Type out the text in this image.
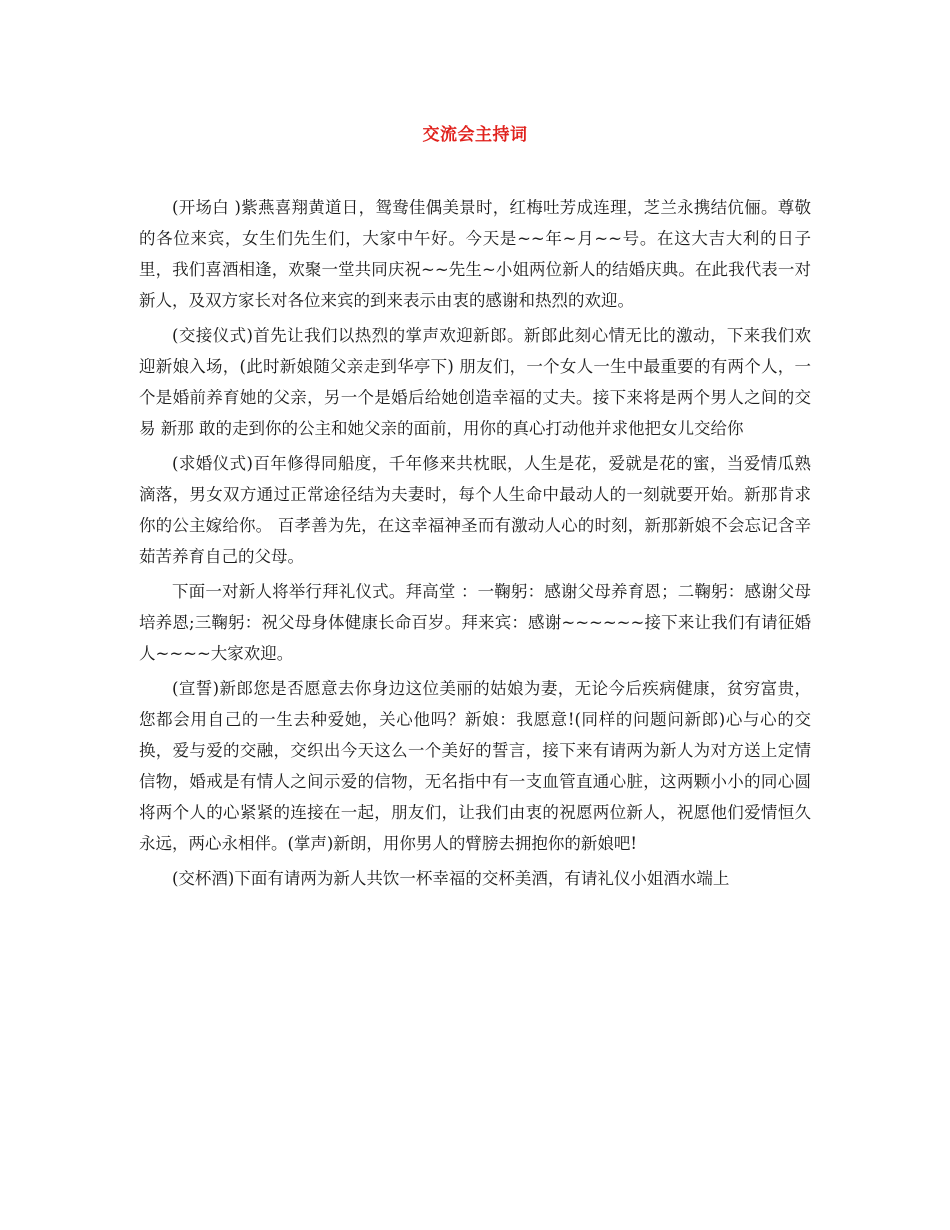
交流会主持词

(开场白 )紫燕喜翔黄道日，鸳鸯佳偶美景时，红梅吐芳成连理，芝兰永携结伉俪。尊敬的各位来宾，女生们先生们，大家中午好。今天是~~年~月~~号。在这大吉大利的日子里，我们喜酒相逢，欢聚一堂共同庆祝~~先生~小姐两位新人的结婚庆典。在此我代表一对新人，及双方家长对各位来宾的到来表示由衷的感谢和热烈的欢迎。

(交接仪式)首先让我们以热烈的掌声欢迎新郎。新郎此刻心情无比的激动，下来我们欢迎新娘入场，(此时新娘随父亲走到华亭下) 朋友们，一个女人一生中最重要的有两个人，一个是婚前养育她的父亲，另一个是婚后给她创造幸福的丈夫。接下来将是两个男人之间的交易 新那 敢的走到你的公主和她父亲的面前，用你的真心打动他并求他把女儿交给你

(求婚仪式)百年修得同船度，千年修来共枕眠，人生是花，爱就是花的蜜，当爱情瓜熟滴落，男女双方通过正常途径结为夫妻时，每个人生命中最动人的一刻就要开始。新那肯求你的公主嫁给你。 百孝善为先，在这幸福神圣而有激动人心的时刻，新那新娘不会忘记含辛茹苦养育自己的父母。

下面一对新人将举行拜礼仪式。拜高堂 ：一鞠躬：感谢父母养育恩；二鞠躬：感谢父母培养恩;三鞠躬：祝父母身体健康长命百岁。拜来宾：感谢~~~~~~接下来让我们有请征婚人~~~~大家欢迎。

(宣誓)新郎您是否愿意去你身边这位美丽的姑娘为妻，无论今后疾病健康，贫穷富贵，您都会用自己的一生去种爱她，关心他吗？新娘：我愿意!(同样的问题问新郎)心与心的交换，爱与爱的交融，交织出今天这么一个美好的誓言，接下来有请两为新人为对方送上定情信物，婚戒是有情人之间示爱的信物，无名指中有一支血管直通心脏，这两颗小小的同心圆将两个人的心紧紧的连接在一起，朋友们，让我们由衷的祝愿两位新人，祝愿他们爱情恒久永远，两心永相伴。(掌声)新朗，用你男人的臂膀去拥抱你的新娘吧!

(交杯酒)下面有请两为新人共饮一杯幸福的交杯美酒，有请礼仪小姐酒水端上
